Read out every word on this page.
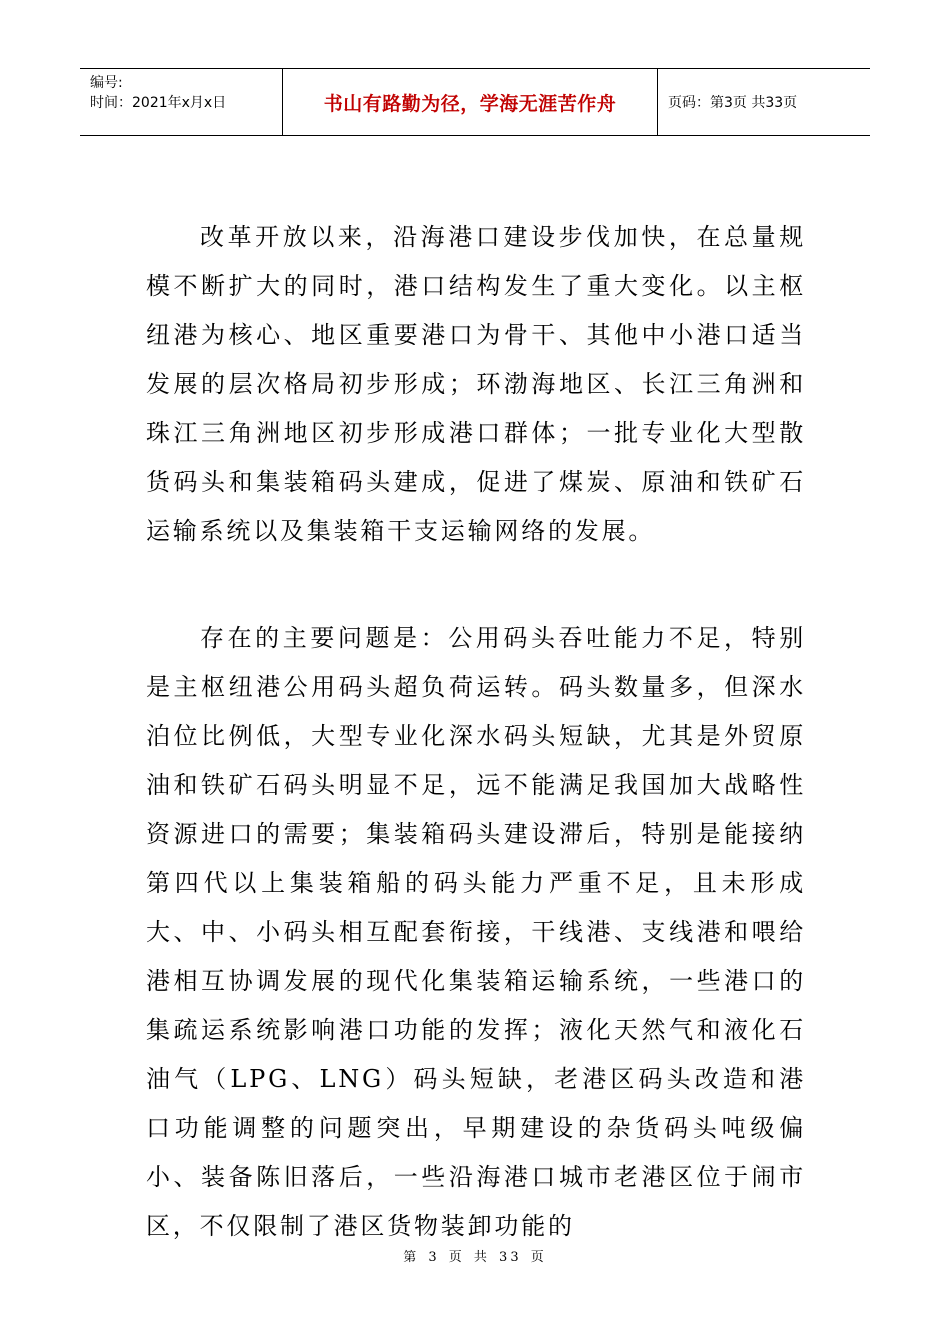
编号:
时间：2021年x月x日	书山有路勤为径，学海无涯苦作舟	页码：第3页 共33页

改革开放以来，沿海港口建设步伐加快，在总量规模不断扩大的同时，港口结构发生了重大变化。以主枢纽港为核心、地区重要港口为骨干、其他中小港口适当发展的层次格局初步形成；环渤海地区、长江三角洲和珠江三角洲地区初步形成港口群体；一批专业化大型散货码头和集装箱码头建成，促进了煤炭、原油和铁矿石运输系统以及集装箱干支运输网络的发展。

存在的主要问题是：公用码头吞吐能力不足，特别是主枢纽港公用码头超负荷运转。码头数量多，但深水泊位比例低，大型专业化深水码头短缺，尤其是外贸原油和铁矿石码头明显不足，远不能满足我国加大战略性资源进口的需要；集装箱码头建设滞后，特别是能接纳第四代以上集装箱船的码头能力严重不足，且未形成大、中、小码头相互配套衔接，干线港、支线港和喂给港相互协调发展的现代化集装箱运输系统，一些港口的集疏运系统影响港口功能的发挥；液化天然气和液化石油气（LPG、LNG）码头短缺，老港区码头改造和港口功能调整的问题突出，早期建设的杂货码头吨级偏小、装备陈旧落后，一些沿海港口城市老港区位于闹市区，不仅限制了港区货物装卸功能的

第 3 页 共 33 页
